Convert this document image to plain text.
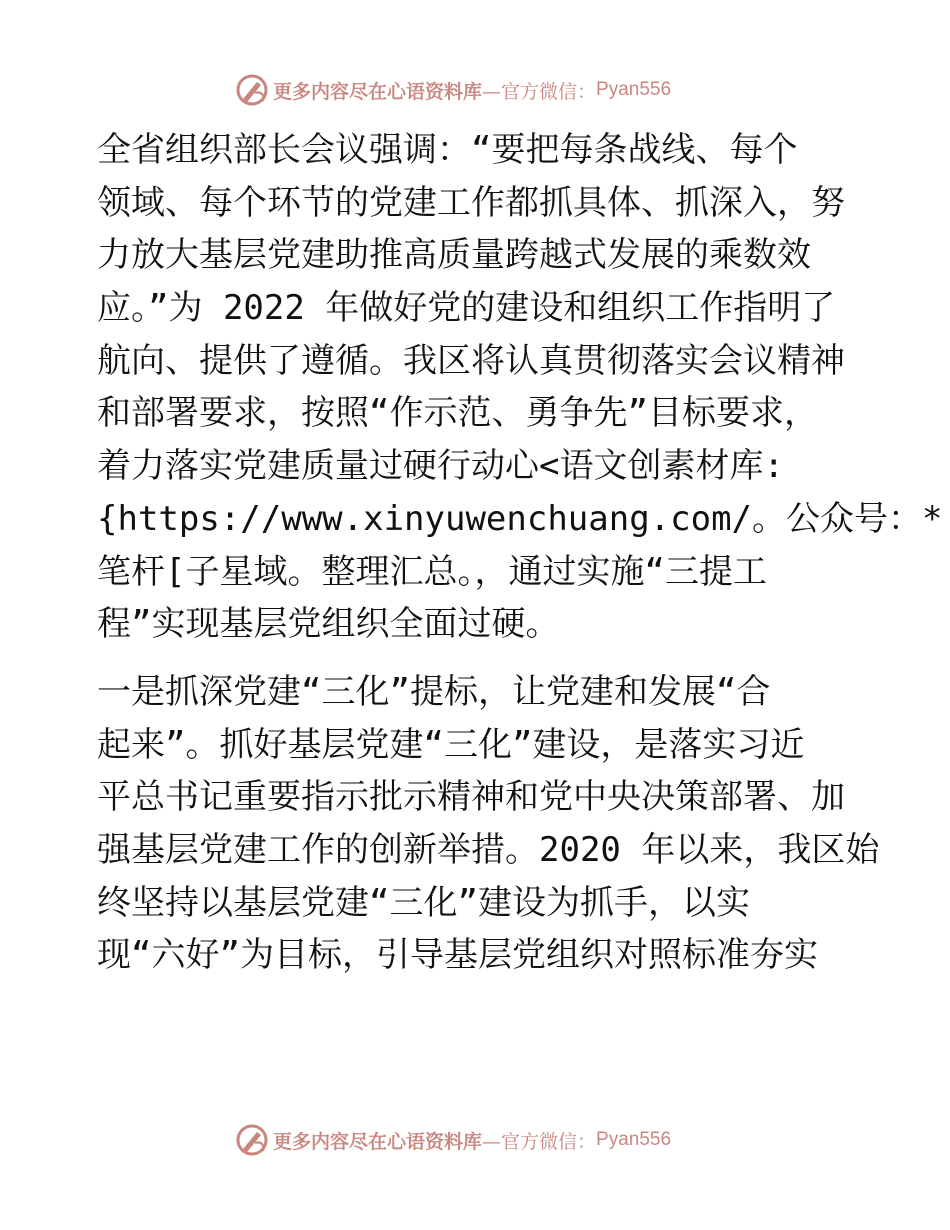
更多内容尽在心语资料库 —官方微信： Pyan556

全省组织部长会议强调：“要把每条战线、每个
领域、每个环节的党建工作都抓具体、抓深入，努
力放大基层党建助推高质量跨越式发展的乘数效
应。”为 2022 年做好党的建设和组织工作指明了
航向、提供了遵循。我区将认真贯彻落实会议精神
和部署要求，按照“作示范、勇争先”目标要求，
着力落实党建质量过硬行动心<语文创素材库:
{https://www.xinyuwenchuang.com/。公众号：*
笔杆[子星域。整理汇总。，通过实施“三提工
程”实现基层党组织全面过硬。

一是抓深党建“三化”提标，让党建和发展“合
起来”。抓好基层党建“三化”建设，是落实习近
平总书记重要指示批示精神和党中央决策部署、加
强基层党建工作的创新举措。2020 年以来，我区始
终坚持以基层党建“三化”建设为抓手，以实
现“六好”为目标，引导基层党组织对照标准夯实

更多内容尽在心语资料库 —官方微信： Pyan556
